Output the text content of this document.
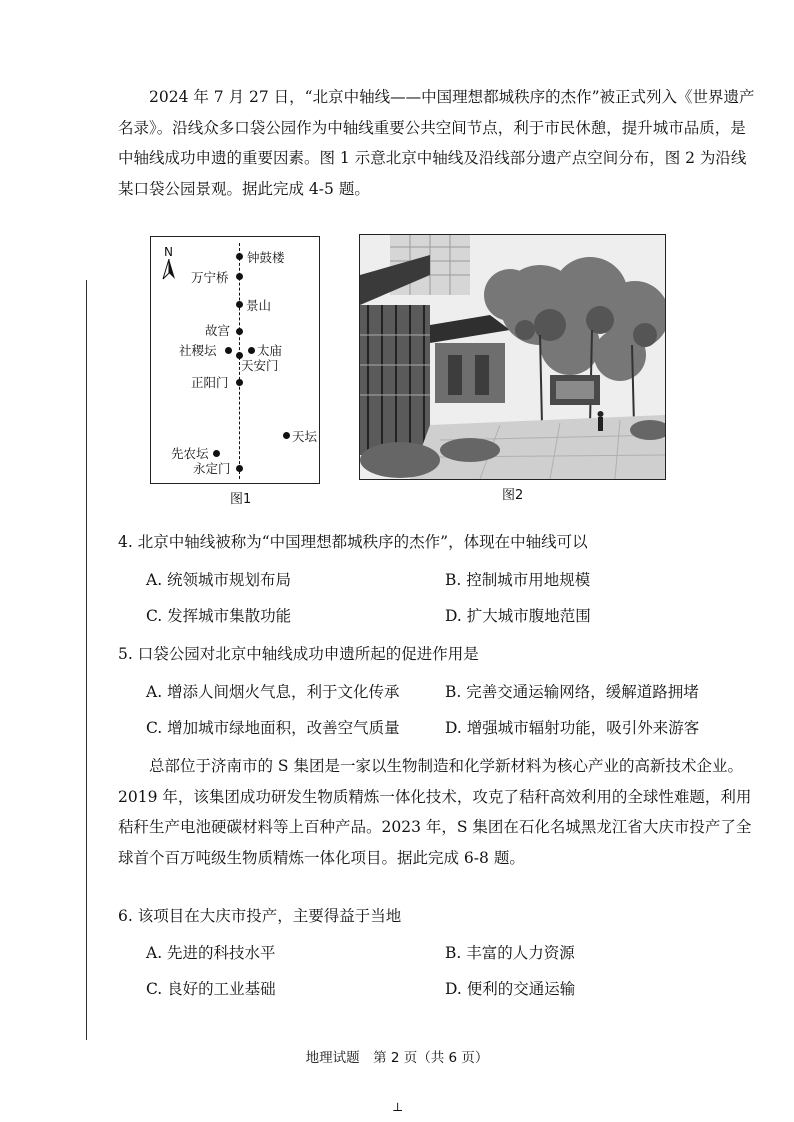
2024 年 7 月 27 日，“北京中轴线——中国理想都城秩序的杰作”被正式列入《世界遗产
名录》。沿线众多口袋公园作为中轴线重要公共空间节点，利于市民休憩，提升城市品质，是
中轴线成功申遗的重要因素。图 1 示意北京中轴线及沿线部分遗产点空间分布，图 2 为沿线
某口袋公园景观。据此完成 4-5 题。

N	钟鼓楼
万宁桥
景山
故宫
社稷坛	太庙
天安门
正阳门
天坛
先农坛
永定门
图1	图2
4. 北京中轴线被称为“中国理想都城秩序的杰作”，体现在中轴线可以
A. 统领城市规划布局	B. 控制城市用地规模
C. 发挥城市集散功能	D. 扩大城市腹地范围
5. 口袋公园对北京中轴线成功申遗所起的促进作用是
A. 增添人间烟火气息，利于文化传承	B. 完善交通运输网络，缓解道路拥堵
C. 增加城市绿地面积，改善空气质量	D. 增强城市辐射功能，吸引外来游客

总部位于济南市的 S 集团是一家以生物制造和化学新材料为核心产业的高新技术企业。
2019 年，该集团成功研发生物质精炼一体化技术，攻克了秸秆高效利用的全球性难题，利用
秸秆生产电池硬碳材料等上百种产品。2023 年，S 集团在石化名城黑龙江省大庆市投产了全
球首个百万吨级生物质精炼一体化项目。据此完成 6-8 题。

6. 该项目在大庆市投产，主要得益于当地
A. 先进的科技水平	B. 丰富的人力资源
C. 良好的工业基础	D. 便利的交通运输
地理试题　第 2 页（共 6 页）
⊥
